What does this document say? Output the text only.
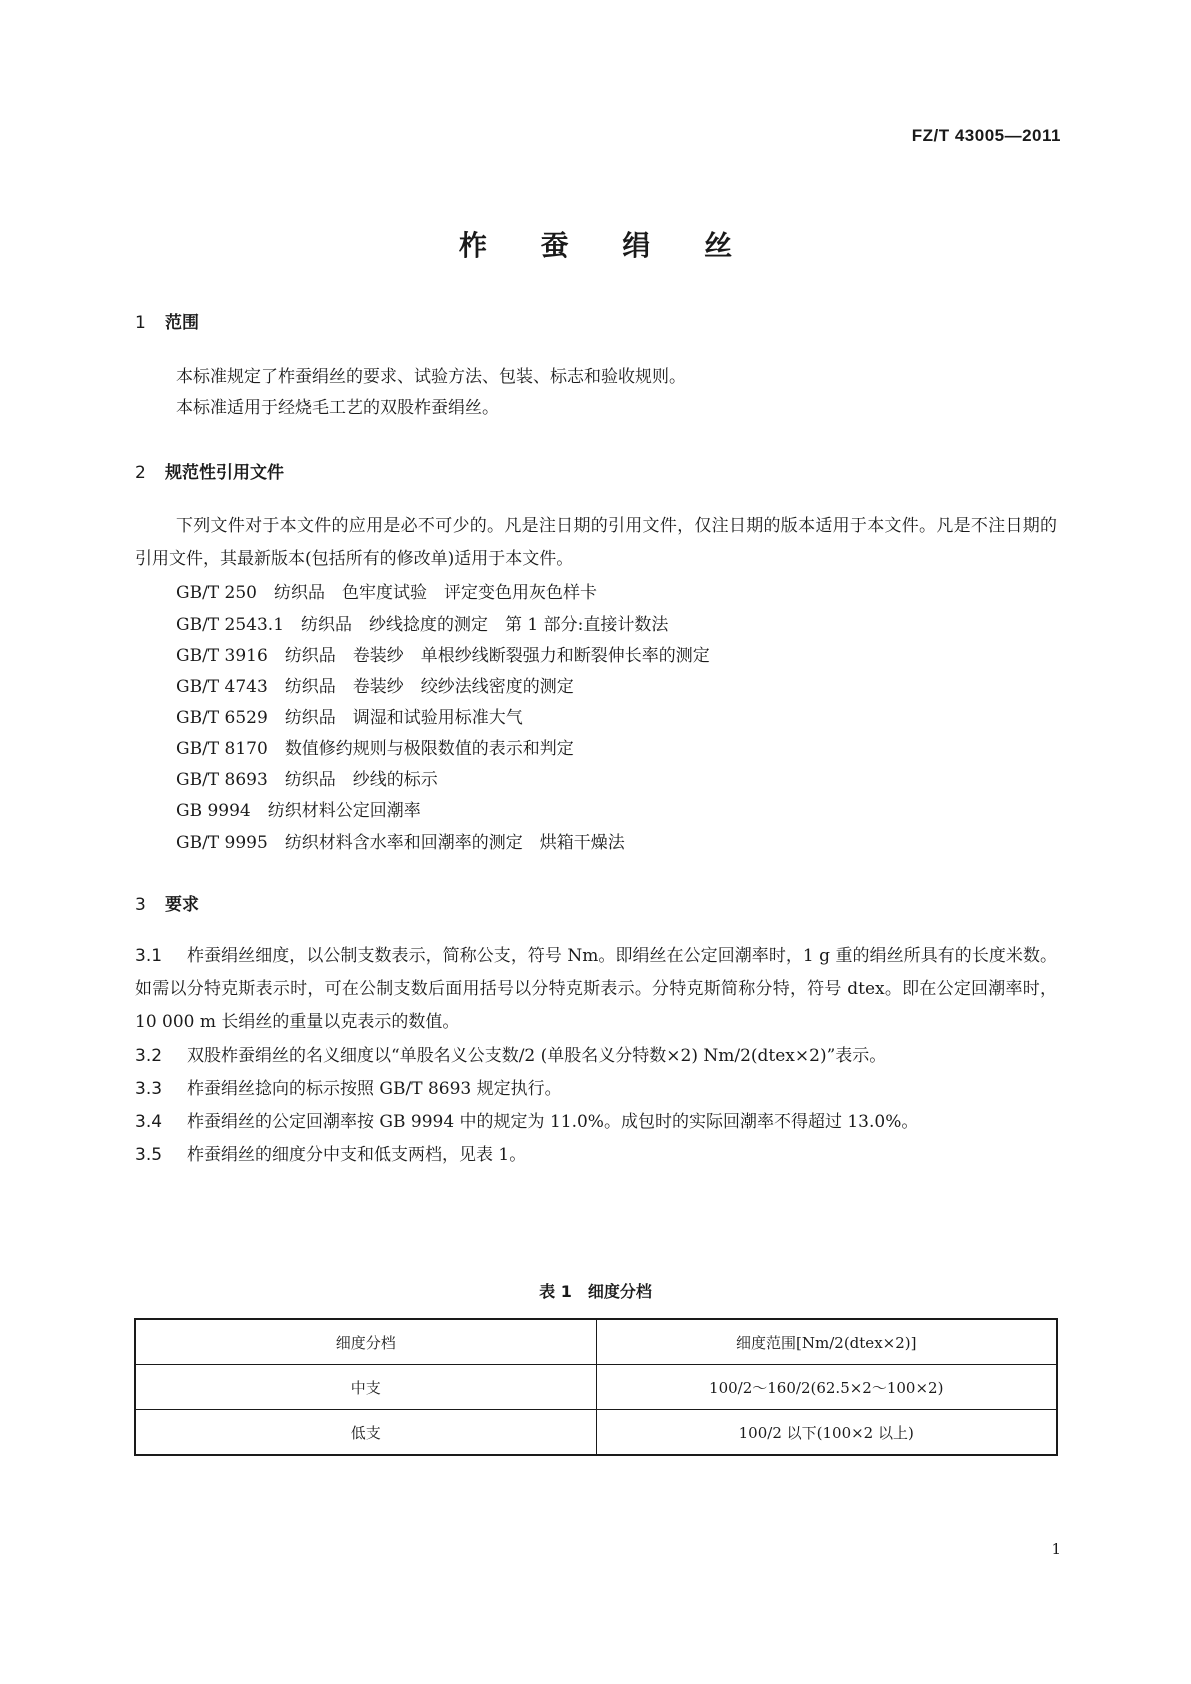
FZ/T 43005—2011
柞 蚕 绢 丝
1 范围
本标准规定了柞蚕绢丝的要求、试验方法、包装、标志和验收规则。
本标准适用于经烧毛工艺的双股柞蚕绢丝。
2 规范性引用文件
下列文件对于本文件的应用是必不可少的。凡是注日期的引用文件，仅注日期的版本适用于本文件。凡是不注日期的引用文件，其最新版本(包括所有的修改单)适用于本文件。
GB/T 250　 纺织品　色牢度试验　评定变色用灰色样卡
GB/T 2543.1　 纺织品　纱线捻度的测定　第 1 部分:直接计数法
GB/T 3916　 纺织品　卷装纱　单根纱线断裂强力和断裂伸长率的测定
GB/T 4743　 纺织品　卷装纱　绞纱法线密度的测定
GB/T 6529　 纺织品　调湿和试验用标准大气
GB/T 8170　 数值修约规则与极限数值的表示和判定
GB/T 8693　 纺织品　纱线的标示
GB 9994　 纺织材料公定回潮率
GB/T 9995　 纺织材料含水率和回潮率的测定　烘箱干燥法
3 要求
3.1 柞蚕绢丝细度，以公制支数表示，简称公支，符号 Nm。即绢丝在公定回潮率时，1 g 重的绢丝所具有的长度米数。如需以分特克斯表示时，可在公制支数后面用括号以分特克斯表示。分特克斯简称分特，符号 dtex。即在公定回潮率时，10 000 m 长绢丝的重量以克表示的数值。
3.2 双股柞蚕绢丝的名义细度以“单股名义公支数/2 (单股名义分特数×2) Nm/2(dtex×2)”表示。
3.3 柞蚕绢丝捻向的标示按照 GB/T 8693 规定执行。
3.4 柞蚕绢丝的公定回潮率按 GB 9994 中的规定为 11.0%。成包时的实际回潮率不得超过 13.0%。
3.5 柞蚕绢丝的细度分中支和低支两档，见表 1。
表 1　细度分档
细度分档	细度范围[Nm/2(dtex×2)]
中支	100/2～160/2(62.5×2～100×2)
低支	100/2 以下(100×2 以上)
1
